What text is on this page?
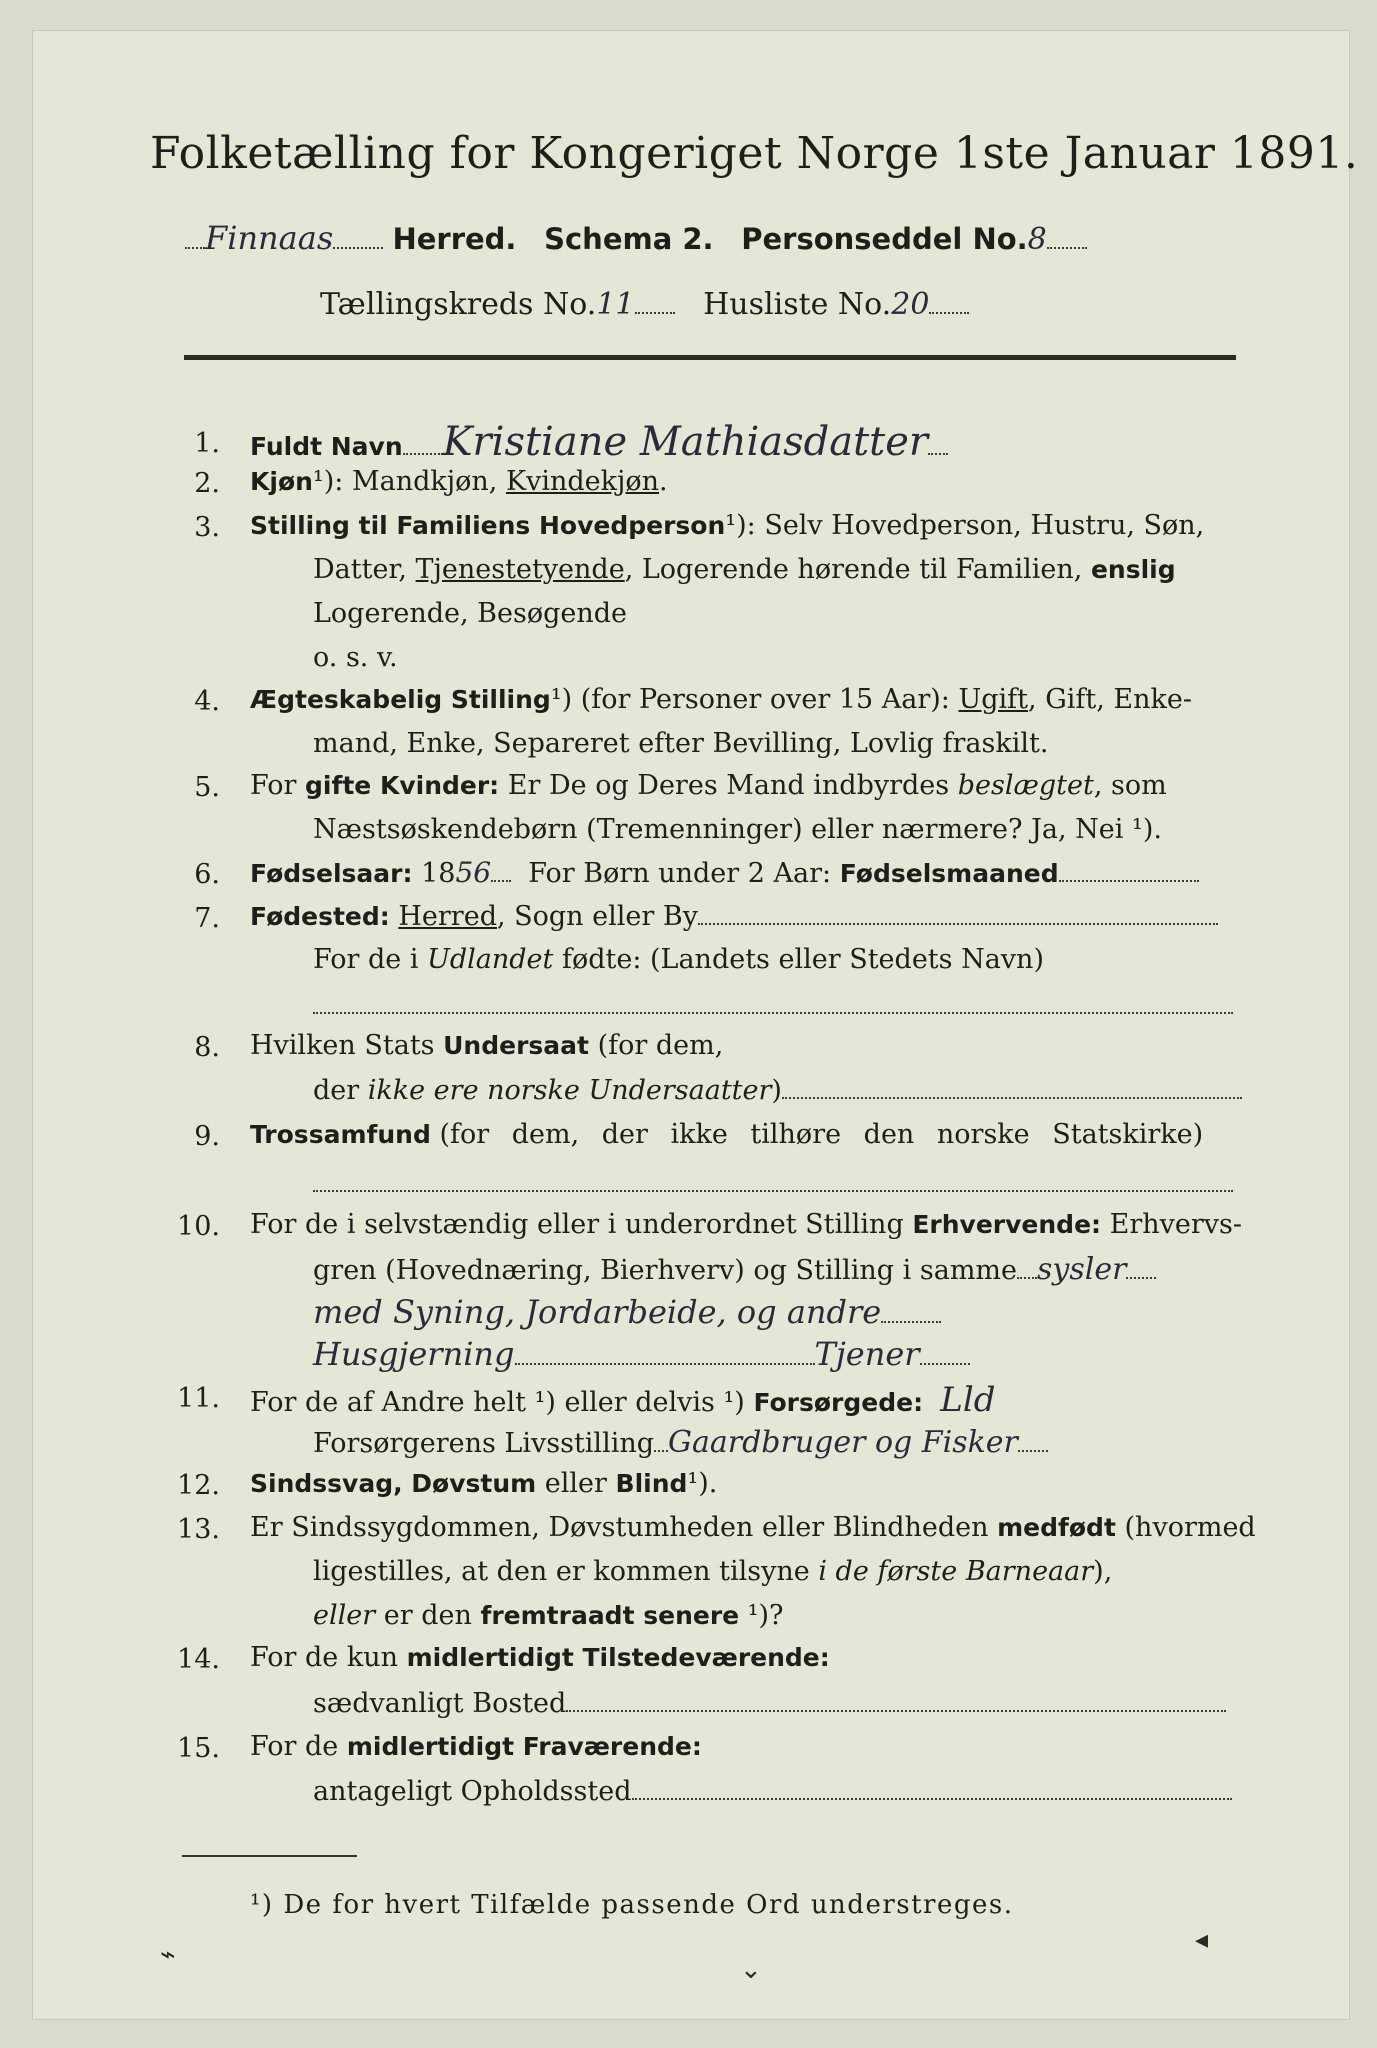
Folketælling for Kongeriget Norge 1ste Januar 1891.
Finnaas Herred. Schema 2. Personseddel No.8
Tællingskreds No.11 Husliste No.20
1.
2.
3.
4.
5.
6.
7.
8.
9.
10.
11.
12.
13.
14.
15.
Fuldt Navn Kristiane Mathiasdatter
Kjøn¹): Mandkjøn, Kvindekjøn.
Stilling til Familiens Hovedperson¹): Selv Hovedperson, Hustru, Søn,
Datter, Tjenestetyende, Logerende hørende til Familien, enslig
Logerende, Besøgende
o. s. v.
Ægteskabelig Stilling¹) (for Personer over 15 Aar): Ugift, Gift, Enke-
mand, Enke, Separeret efter Bevilling, Lovlig fraskilt.
For gifte Kvinder: Er De og Deres Mand indbyrdes beslægtet, som
Næstsøskendebørn (Tremenninger) eller nærmere? Ja, Nei ¹).
Fødselsaar: 1856 For Børn under 2 Aar: Fødselsmaaned
Fødested: Herred, Sogn eller By
For de i Udlandet fødte: (Landets eller Stedets Navn)
Hvilken Stats Undersaat (for dem,
der ikke ere norske Undersaatter)
Trossamfund (for dem, der ikke tilhøre den norske Statskirke)
For de i selvstændig eller i underordnet Stilling Erhvervende: Erhvervs-
gren (Hovednæring, Bierhverv) og Stilling i samme sysler
med Syning, Jordarbeide, og andre
Husgjerning	Tjener
For de af Andre helt ¹) eller delvis ¹) Forsørgede: Lld
Forsørgerens Livsstilling Gaardbruger og Fisker
Sindssvag, Døvstum eller Blind¹).
Er Sindssygdommen, Døvstumheden eller Blindheden medfødt (hvormed
ligestilles, at den er kommen tilsyne i de første Barneaar),
eller er den fremtraadt senere ¹)?
For de kun midlertidigt Tilstedeværende:
sædvanligt Bosted
For de midlertidigt Fraværende:
antageligt Opholdssted
¹) De for hvert Tilfælde passende Ord understreges.
⌁	⌄
◂
